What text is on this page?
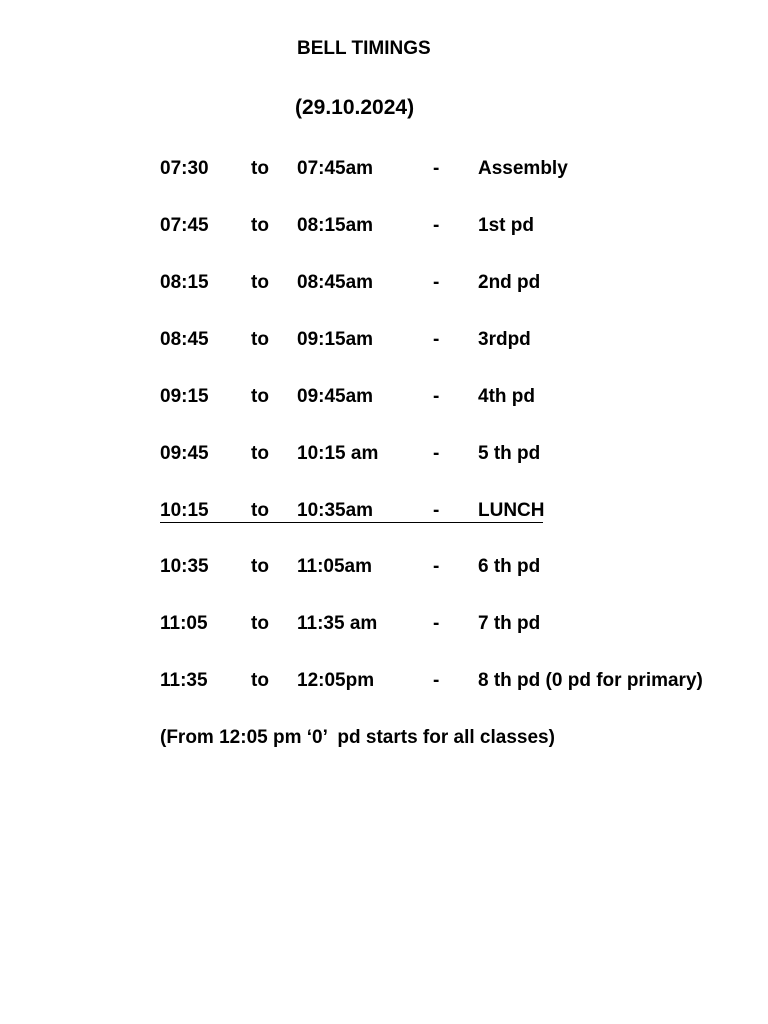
BELL TIMINGS
(29.10.2024)
07:30 to 07:45am	- Assembly
07:45 to 08:15am	- 1st pd
08:15 to 08:45am	- 2nd pd
08:45 to 09:15am	- 3rdpd
09:15 to 09:45am	- 4th pd
09:45 to 10:15 am	- 5 th pd
10:15 to 10:35am	- LUNCH
10:35 to 11:05am	- 6 th pd
11:05 to 11:35 am	- 7 th pd
11:35 to 12:05pm	- 8 th pd (0 pd for primary)
(From 12:05 pm ‘0’  pd starts for all classes)
